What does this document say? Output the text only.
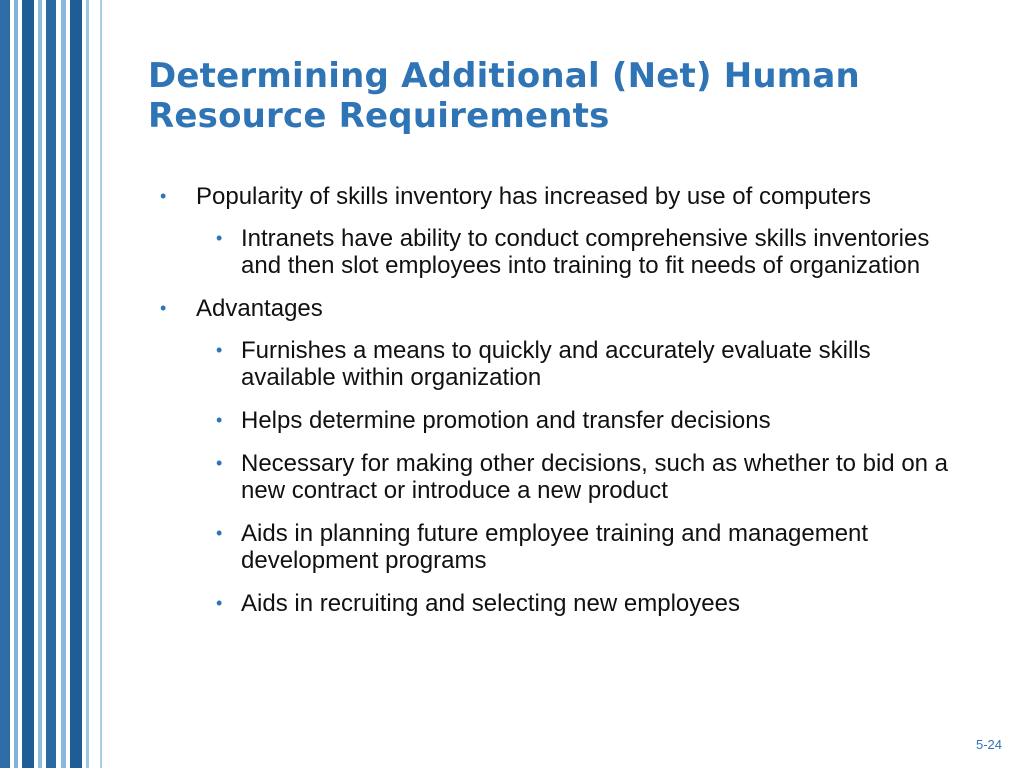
Determining Additional (Net) Human Resource Requirements
• Popularity of skills inventory has increased by use of computers
• Intranets have ability to conduct comprehensive skills inventories and then slot employees into training to fit needs of organization
• Advantages
• Furnishes a means to quickly and accurately evaluate skills available within organization
• Helps determine promotion and transfer decisions
• Necessary for making other decisions, such as whether to bid on a new contract or introduce a new product
• Aids in planning future employee training and management development programs
• Aids in recruiting and selecting new employees
5-24
